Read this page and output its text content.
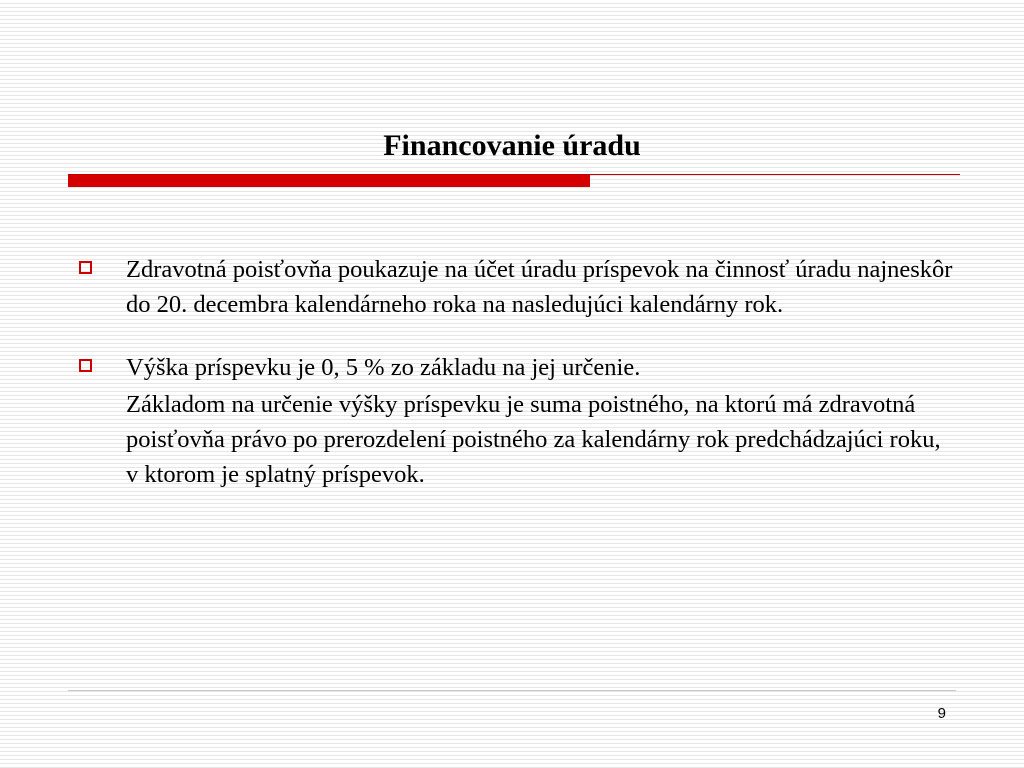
Financovanie úradu

Zdravotná poisťovňa poukazuje na účet úradu príspevok na činnosť úradu najneskôr do 20. decembra kalendárneho roka na nasledujúci kalendárny rok.

Výška príspevku je 0, 5 % zo základu na jej určenie.

Základom na určenie výšky príspevku je suma poistného, na ktorú má zdravotná poisťovňa právo po prerozdelení poistného za kalendárny rok predchádzajúci roku, v ktorom je splatný príspevok.

9
